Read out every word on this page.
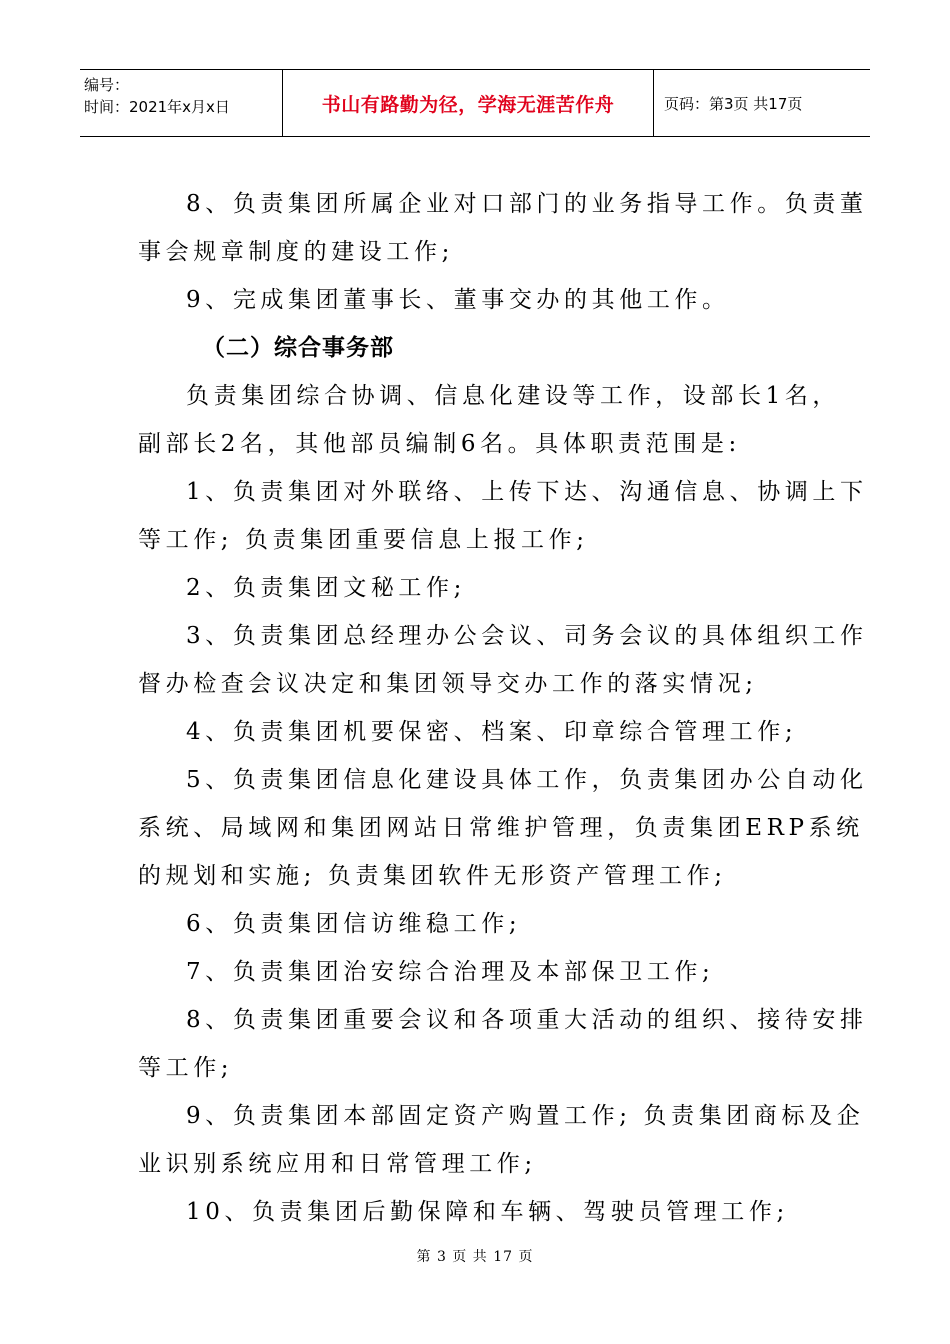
编号：
时间：2021年x月x日	书山有路勤为径，学海无涯苦作舟	页码：第3页 共17页

8、负责集团所属企业对口部门的业务指导工作。负责董

事会规章制度的建设工作;

9、完成集团董事长、董事交办的其他工作。

（二）综合事务部

负责集团综合协调、信息化建设等工作，设部长1名，

副部长2名，其他部员编制6名。具体职责范围是:

1、负责集团对外联络、上传下达、沟通信息、协调上下

等工作; 负责集团重要信息上报工作;

2、负责集团文秘工作;

3、负责集团总经理办公会议、司务会议的具体组织工作

督办检查会议决定和集团领导交办工作的落实情况;

4、负责集团机要保密、档案、印章综合管理工作;

5、负责集团信息化建设具体工作，负责集团办公自动化

系统、局域网和集团网站日常维护管理，负责集团ERP系统

的规划和实施; 负责集团软件无形资产管理工作;

6、负责集团信访维稳工作;

7、负责集团治安综合治理及本部保卫工作;

8、负责集团重要会议和各项重大活动的组织、接待安排

等工作;

9、负责集团本部固定资产购置工作; 负责集团商标及企

业识别系统应用和日常管理工作;

10、负责集团后勤保障和车辆、驾驶员管理工作;

第 3 页 共 17 页
